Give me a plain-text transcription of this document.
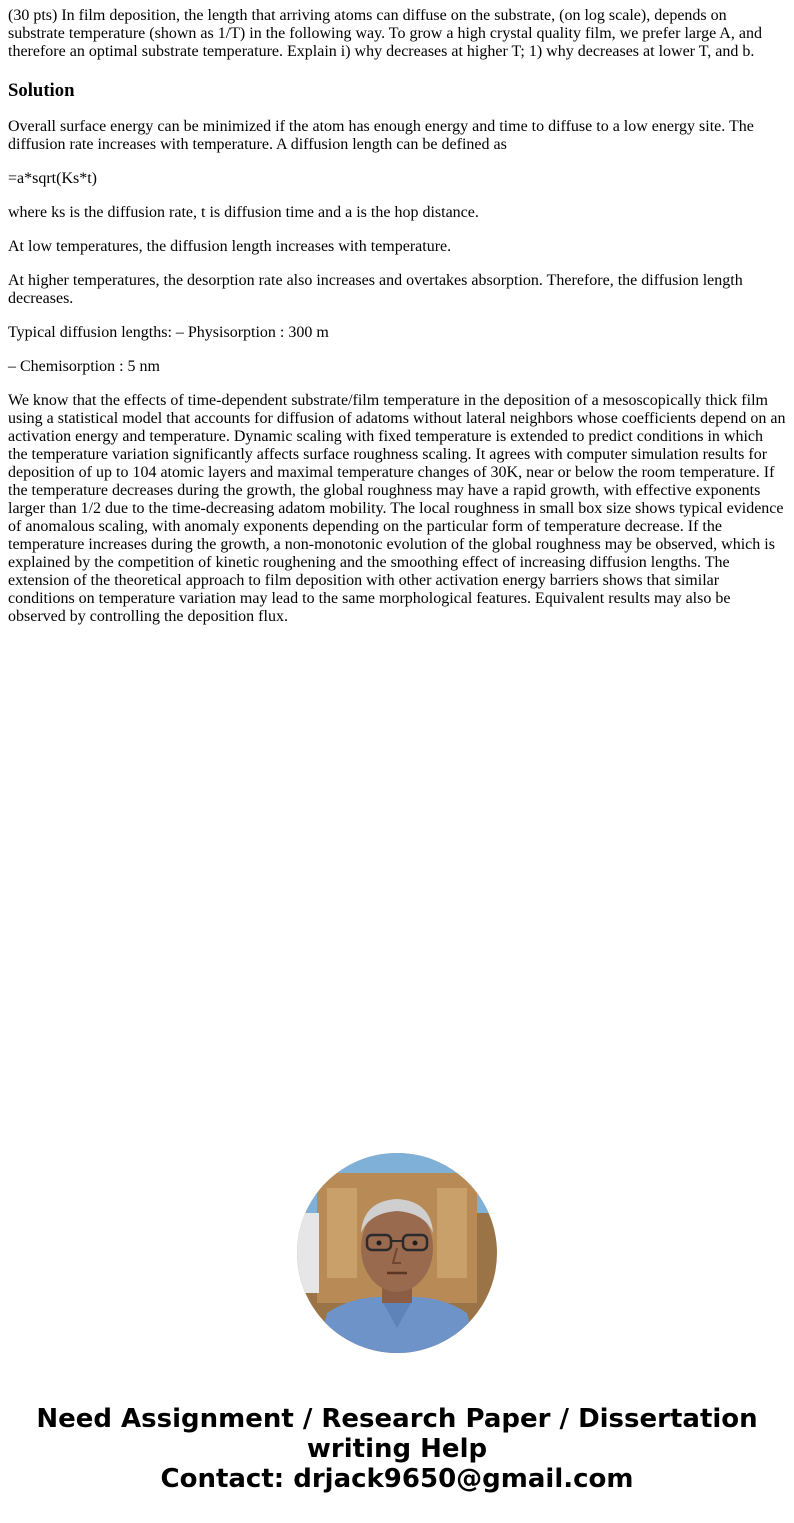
(30 pts) In film deposition, the length that arriving atoms can diffuse on the substrate, (on log scale), depends on substrate temperature (shown as 1/T) in the following way. To grow a high crystal quality film, we prefer large A, and therefore an optimal substrate temperature. Explain i) why decreases at higher T; 1) why decreases at lower T, and b.

Solution

Overall surface energy can be minimized if the atom has enough energy and time to diffuse to a low energy site. The diffusion rate increases with temperature. A diffusion length can be defined as

=a*sqrt(Ks*t)

where ks is the diffusion rate, t is diffusion time and a is the hop distance.

At low temperatures, the diffusion length increases with temperature.

At higher temperatures, the desorption rate also increases and overtakes absorption. Therefore, the diffusion length decreases.

Typical diffusion lengths: – Physisorption : 300 m

– Chemisorption : 5 nm

We know that the effects of time-dependent substrate/film temperature in the deposition of a mesoscopically thick film using a statistical model that accounts for diffusion of adatoms without lateral neighbors whose coefficients depend on an activation energy and temperature. Dynamic scaling with fixed temperature is extended to predict conditions in which the temperature variation significantly affects surface roughness scaling. It agrees with computer simulation results for deposition of up to 104 atomic layers and maximal temperature changes of 30K, near or below the room temperature. If the temperature decreases during the growth, the global roughness may have a rapid growth, with effective exponents larger than 1/2 due to the time-decreasing adatom mobility. The local roughness in small box size shows typical evidence of anomalous scaling, with anomaly exponents depending on the particular form of temperature decrease. If the temperature increases during the growth, a non-monotonic evolution of the global roughness may be observed, which is explained by the competition of kinetic roughening and the smoothing effect of increasing diffusion lengths. The extension of the theoretical approach to film deposition with other activation energy barriers shows that similar conditions on temperature variation may lead to the same morphological features. Equivalent results may also be observed by controlling the deposition flux.

Need Assignment / Research Paper / Dissertation
writing Help
Contact: drjack9650@gmail.com
